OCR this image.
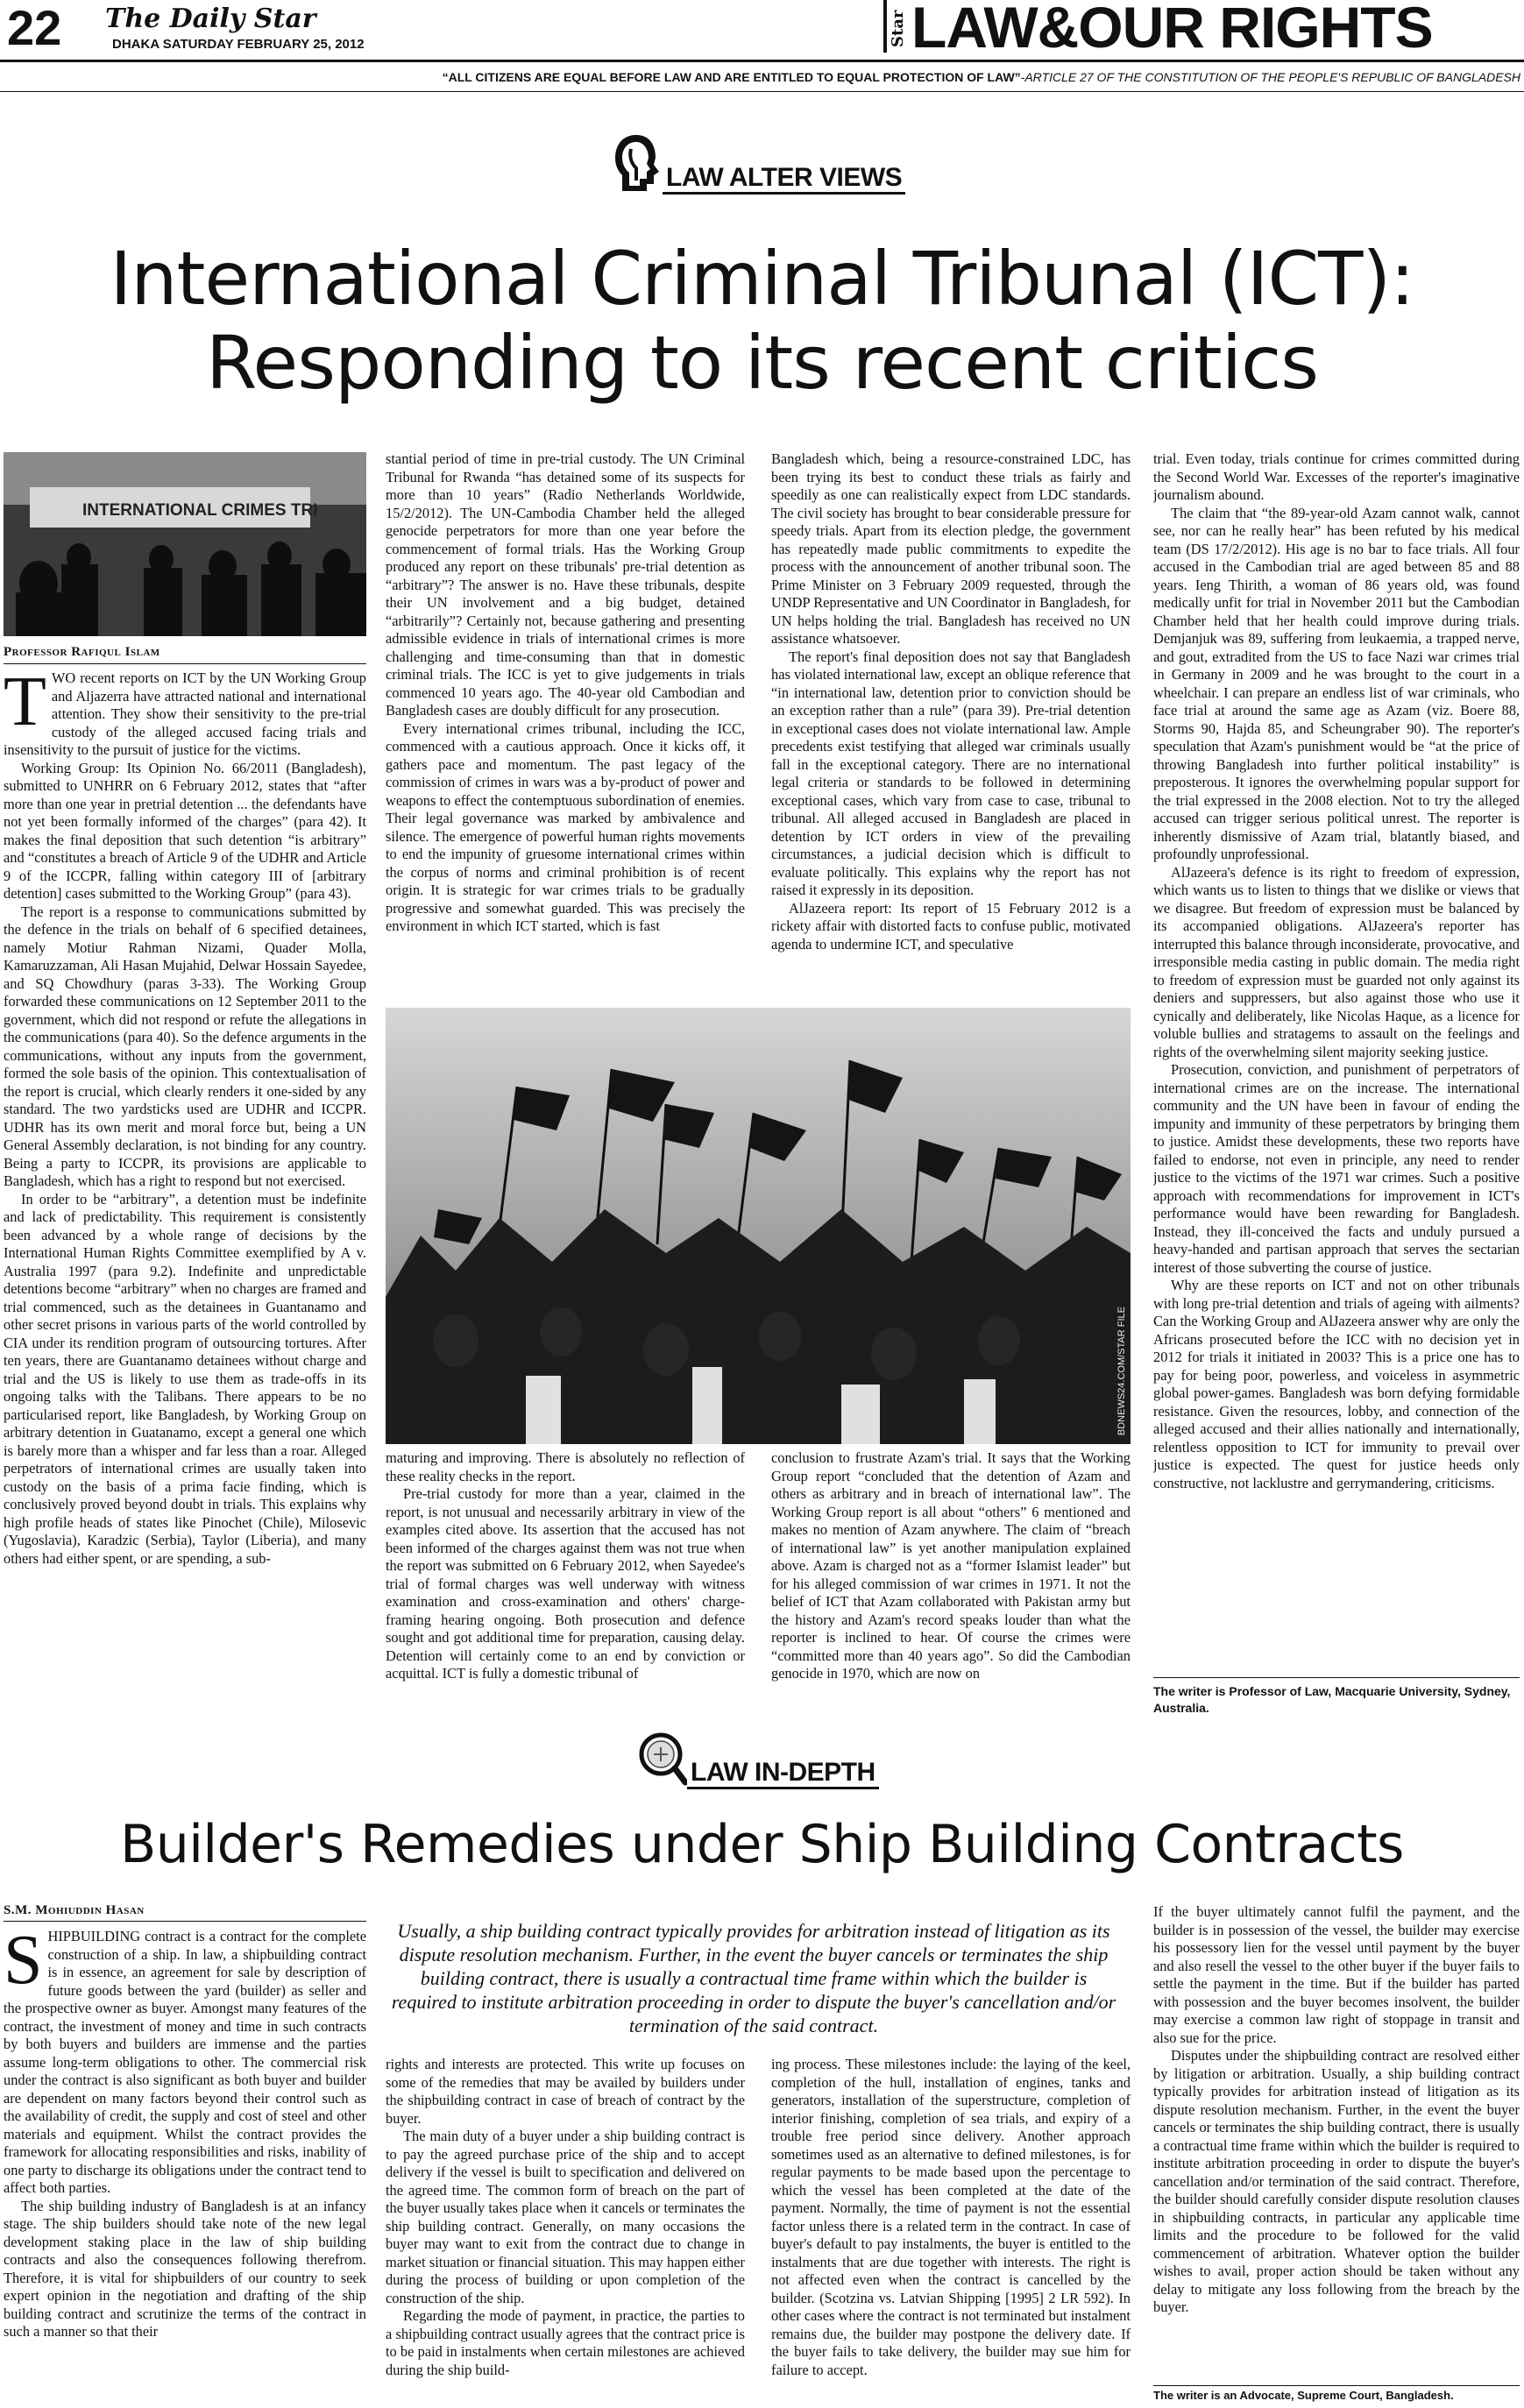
22 The Daily Star
DHAKA SATURDAY FEBRUARY 25, 2012	Star LAW&OUR RIGHTS
“ALL CITIZENS ARE EQUAL BEFORE LAW AND ARE ENTITLED TO EQUAL PROTECTION OF LAW”-ARTICLE 27 OF THE CONSTITUTION OF THE PEOPLE'S REPUBLIC OF BANGLADESH
LAW ALTER VIEWS
International Criminal Tribunal (ICT):
Responding to its recent critics
INTERNATIONAL CRIMES TRI
Professor Rafiqul Islam

TWO recent reports on ICT by the UN Working Group and Aljazerra have attracted national and international attention. They show their sensitivity to the pre-trial custody of the alleged accused facing trials and insensitivity to the pursuit of justice for the victims.

Working Group: Its Opinion No. 66/2011 (Bangladesh), submitted to UNHRR on 6 February 2012, states that “after more than one year in pretrial detention ... the defendants have not yet been formally informed of the charges” (para 42). It makes the final deposition that such detention “is arbitrary” and “constitutes a breach of Article 9 of the UDHR and Article 9 of the ICCPR, falling within category III of [arbitrary detention] cases submitted to the Working Group” (para 43).

The report is a response to communications submitted by the defence in the trials on behalf of 6 specified detainees, namely Motiur Rahman Nizami, Quader Molla, Kamaruzzaman, Ali Hasan Mujahid, Delwar Hossain Sayedee, and SQ Chowdhury (paras 3-33). The Working Group forwarded these communications on 12 September 2011 to the government, which did not respond or refute the allegations in the communications (para 40). So the defence arguments in the communications, without any inputs from the government, formed the sole basis of the opinion. This contextualisation of the report is crucial, which clearly renders it one-sided by any standard. The two yardsticks used are UDHR and ICCPR. UDHR has its own merit and moral force but, being a UN General Assembly declaration, is not binding for any country. Being a party to ICCPR, its provisions are applicable to Bangladesh, which has a right to respond but not exercised.

In order to be “arbitrary”, a detention must be indefinite and lack of predictability. This requirement is consistently been advanced by a whole range of decisions by the International Human Rights Committee exemplified by A v. Australia 1997 (para 9.2). Indefinite and unpredictable detentions become “arbitrary” when no charges are framed and trial commenced, such as the detainees in Guantanamo and other secret prisons in various parts of the world controlled by CIA under its rendition program of outsourcing tortures. After ten years, there are Guantanamo detainees without charge and trial and the US is likely to use them as trade-offs in its ongoing talks with the Talibans. There appears to be no particularised report, like Bangladesh, by Working Group on arbitrary detention in Guatanamo, except a general one which is barely more than a whisper and far less than a roar. Alleged perpetrators of international crimes are usually taken into custody on the basis of a prima facie finding, which is conclusively proved beyond doubt in trials. This explains why high profile heads of states like Pinochet (Chile), Milosevic (Yugoslavia), Karadzic (Serbia), Taylor (Liberia), and many others had either spent, or are spending, a sub-

stantial period of time in pre-trial custody. The UN Criminal Tribunal for Rwanda “has detained some of its suspects for more than 10 years” (Radio Netherlands Worldwide, 15/2/2012). The UN-Cambodia Chamber held the alleged genocide perpetrators for more than one year before the commencement of formal trials. Has the Working Group produced any report on these tribunals' pre-trial detention as “arbitrary”? The answer is no. Have these tribunals, despite their UN involvement and a big budget, detained “arbitrarily”? Certainly not, because gathering and presenting admissible evidence in trials of international crimes is more challenging and time-consuming than that in domestic criminal trials. The ICC is yet to give judgements in trials commenced 10 years ago. The 40-year old Cambodian and Bangladesh cases are doubly difficult for any prosecution.

Every international crimes tribunal, including the ICC, commenced with a cautious approach. Once it kicks off, it gathers pace and momentum. The past legacy of the commission of crimes in wars was a by-product of power and weapons to effect the contemptuous subordination of enemies. Their legal governance was marked by ambivalence and silence. The emergence of powerful human rights movements to end the impunity of gruesome international crimes within the corpus of norms and criminal prohibition is of recent origin. It is strategic for war crimes trials to be gradually progressive and somewhat guarded. This was precisely the environment in which ICT started, which is fast

Bangladesh which, being a resource-constrained LDC, has been trying its best to conduct these trials as fairly and speedily as one can realistically expect from LDC standards. The civil society has brought to bear considerable pressure for speedy trials. Apart from its election pledge, the government has repeatedly made public commitments to expedite the process with the announcement of another tribunal soon. The Prime Minister on 3 February 2009 requested, through the UNDP Representative and UN Coordinator in Bangladesh, for UN helps holding the trial. Bangladesh has received no UN assistance whatsoever.

The report's final deposition does not say that Bangladesh has violated international law, except an oblique reference that “in international law, detention prior to conviction should be an exception rather than a rule” (para 39). Pre-trial detention in exceptional cases does not violate international law. Ample precedents exist testifying that alleged war criminals usually fall in the exceptional category. There are no international legal criteria or standards to be followed in determining exceptional cases, which vary from case to case, tribunal to tribunal. All alleged accused in Bangladesh are placed in detention by ICT orders in view of the prevailing circumstances, a judicial decision which is difficult to evaluate politically. This explains why the report has not raised it expressly in its deposition.

AlJazeera report: Its report of 15 February 2012 is a rickety affair with distorted facts to confuse public, motivated agenda to undermine ICT, and speculative

BDNEWS24.COM/STAR FILE

maturing and improving. There is absolutely no reflection of these reality checks in the report.

Pre-trial custody for more than a year, claimed in the report, is not unusual and necessarily arbitrary in view of the examples cited above. Its assertion that the accused has not been informed of the charges against them was not true when the report was submitted on 6 February 2012, when Sayedee's trial of formal charges was well underway with witness examination and cross-examination and others' charge-framing hearing ongoing. Both prosecution and defence sought and got additional time for preparation, causing delay. Detention will certainly come to an end by conviction or acquittal. ICT is fully a domestic tribunal of

conclusion to frustrate Azam's trial. It says that the Working Group report “concluded that the detention of Azam and others as arbitrary and in breach of international law”. The Working Group report is all about “others” 6 mentioned and makes no mention of Azam anywhere. The claim of “breach of international law” is yet another manipulation explained above. Azam is charged not as a “former Islamist leader” but for his alleged commission of war crimes in 1971. It not the belief of ICT that Azam collaborated with Pakistan army but the history and Azam's record speaks louder than what the reporter is inclined to hear. Of course the crimes were “committed more than 40 years ago”. So did the Cambodian genocide in 1970, which are now on

trial. Even today, trials continue for crimes committed during the Second World War. Excesses of the reporter's imaginative journalism abound.

The claim that “the 89-year-old Azam cannot walk, cannot see, nor can he really hear” has been refuted by his medical team (DS 17/2/2012). His age is no bar to face trials. All four accused in the Cambodian trial are aged between 85 and 88 years. Ieng Thirith, a woman of 86 years old, was found medically unfit for trial in November 2011 but the Cambodian Chamber held that her health could improve during trials. Demjanjuk was 89, suffering from leukaemia, a trapped nerve, and gout, extradited from the US to face Nazi war crimes trial in Germany in 2009 and he was brought to the court in a wheelchair. I can prepare an endless list of war criminals, who face trial at around the same age as Azam (viz. Boere 88, Storms 90, Hajda 85, and Scheungraber 90). The reporter's speculation that Azam's punishment would be “at the price of throwing Bangladesh into further political instability” is preposterous. It ignores the overwhelming popular support for the trial expressed in the 2008 election. Not to try the alleged accused can trigger serious political unrest. The reporter is inherently dismissive of Azam trial, blatantly biased, and profoundly unprofessional.

AlJazeera's defence is its right to freedom of expression, which wants us to listen to things that we dislike or views that we disagree. But freedom of expression must be balanced by its accompanied obligations. AlJazeera's reporter has interrupted this balance through inconsiderate, provocative, and irresponsible media casting in public domain. The media right to freedom of expression must be guarded not only against its deniers and suppressers, but also against those who use it cynically and deliberately, like Nicolas Haque, as a licence for voluble bullies and stratagems to assault on the feelings and rights of the overwhelming silent majority seeking justice.

Prosecution, conviction, and punishment of perpetrators of international crimes are on the increase. The international community and the UN have been in favour of ending the impunity and immunity of these perpetrators by bringing them to justice. Amidst these developments, these two reports have failed to endorse, not even in principle, any need to render justice to the victims of the 1971 war crimes. Such a positive approach with recommendations for improvement in ICT's performance would have been rewarding for Bangladesh. Instead, they ill-conceived the facts and unduly pursued a heavy-handed and partisan approach that serves the sectarian interest of those subverting the course of justice.

Why are these reports on ICT and not on other tribunals with long pre-trial detention and trials of ageing with ailments? Can the Working Group and AlJazeera answer why are only the Africans prosecuted before the ICC with no decision yet in 2012 for trials it initiated in 2003? This is a price one has to pay for being poor, powerless, and voiceless in asymmetric global power-games. Bangladesh was born defying formidable resistance. Given the resources, lobby, and connection of the alleged accused and their allies nationally and internationally, relentless opposition to ICT for immunity to prevail over justice is expected. The quest for justice heeds only constructive, not lacklustre and gerrymandering, criticisms.

The writer is Professor of Law, Macquarie University, Sydney, Australia.
LAW IN-DEPTH
Builder's Remedies under Ship Building Contracts
S.M. Mohiuddin Hasan

SHIPBUILDING contract is a contract for the complete construction of a ship. In law, a shipbuilding contract is in essence, an agreement for sale by description of future goods between the yard (builder) as seller and the prospective owner as buyer. Amongst many features of the contract, the investment of money and time in such contracts by both buyers and builders are immense and the parties assume long-term obligations to other. The commercial risk under the contract is also significant as both buyer and builder are dependent on many factors beyond their control such as the availability of credit, the supply and cost of steel and other materials and equipment. Whilst the contract provides the framework for allocating responsibilities and risks, inability of one party to discharge its obligations under the contract tend to affect both parties.

The ship building industry of Bangladesh is at an infancy stage. The ship builders should take note of the new legal development staking place in the law of ship building contracts and also the consequences following therefrom. Therefore, it is vital for shipbuilders of our country to seek expert opinion in the negotiation and drafting of the ship building contract and scrutinize the terms of the contract in such a manner so that their

Usually, a ship building contract typically provides for arbitration instead of litigation as its dispute resolution mechanism. Further, in the event the buyer cancels or terminates the ship building contract, there is usually a contractual time frame within which the builder is required to institute arbitration proceeding in order to dispute the buyer's cancellation and/or termination of the said contract.

rights and interests are protected. This write up focuses on some of the remedies that may be availed by builders under the shipbuilding contract in case of breach of contract by the buyer.

The main duty of a buyer under a ship building contract is to pay the agreed purchase price of the ship and to accept delivery if the vessel is built to specification and delivered on the agreed time. The common form of breach on the part of the buyer usually takes place when it cancels or terminates the ship building contract. Generally, on many occasions the buyer may want to exit from the contract due to change in market situation or financial situation. This may happen either during the process of building or upon completion of the construction of the ship.

Regarding the mode of payment, in practice, the parties to a shipbuilding contract usually agrees that the contract price is to be paid in instalments when certain milestones are achieved during the ship build-

ing process. These milestones include: the laying of the keel, completion of the hull, installation of engines, tanks and generators, installation of the superstructure, completion of interior finishing, completion of sea trials, and expiry of a trouble free period since delivery. Another approach sometimes used as an alternative to defined milestones, is for regular payments to be made based upon the percentage to which the vessel has been completed at the date of the payment. Normally, the time of payment is not the essential factor unless there is a related term in the contract. In case of buyer's default to pay instalments, the buyer is entitled to the instalments that are due together with interests. The right is not affected even when the contract is cancelled by the builder. (Scotzina vs. Latvian Shipping [1995] 2 LR 592). In other cases where the contract is not terminated but instalment remains due, the builder may postpone the delivery date. If the buyer fails to take delivery, the builder may sue him for failure to accept.

If the buyer ultimately cannot fulfil the payment, and the builder is in possession of the vessel, the builder may exercise his possessory lien for the vessel until payment by the buyer and also resell the vessel to the other buyer if the buyer fails to settle the payment in the time. But if the builder has parted with possession and the buyer becomes insolvent, the builder may exercise a common law right of stoppage in transit and also sue for the price.

Disputes under the shipbuilding contract are resolved either by litigation or arbitration. Usually, a ship building contract typically provides for arbitration instead of litigation as its dispute resolution mechanism. Further, in the event the buyer cancels or terminates the ship building contract, there is usually a contractual time frame within which the builder is required to institute arbitration proceeding in order to dispute the buyer's cancellation and/or termination of the said contract. Therefore, the builder should carefully consider dispute resolution clauses in shipbuilding contracts, in particular any applicable time limits and the procedure to be followed for the valid commencement of arbitration. Whatever option the builder wishes to avail, proper action should be taken without any delay to mitigate any loss following from the breach by the buyer.

The writer is an Advocate, Supreme Court, Bangladesh.
